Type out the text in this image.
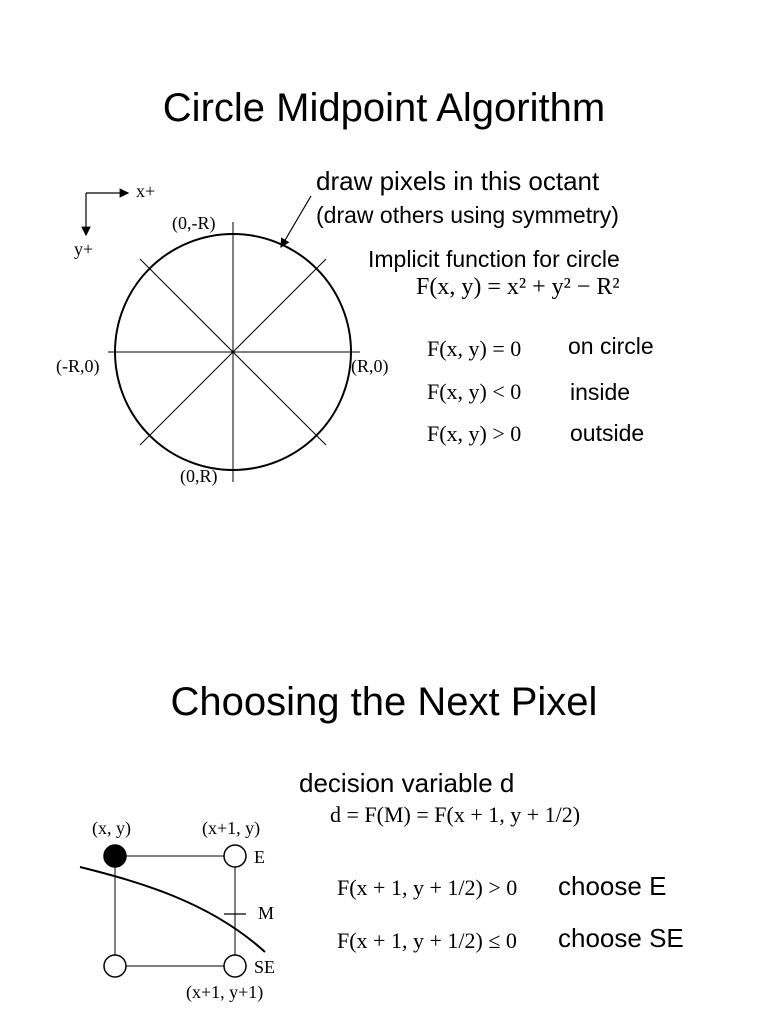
Circle Midpoint Algorithm
x+
y+
(0,-R)
(-R,0)	(R,0)
(0,R)
draw pixels in this octant
(draw others using symmetry)
Implicit function for circle
F(x, y) = x² + y² − R²
F(x, y) = 0 on circle
F(x, y) < 0 inside
F(x, y) > 0 outside
Choosing the Next Pixel
decision variable d
d = F(M) = F(x + 1, y + 1/2)
(x, y)	(x+1, y)
E
M
SE
(x+1, y+1)
F(x + 1, y + 1/2) > 0 choose E
F(x + 1, y + 1/2) ≤ 0 choose SE
